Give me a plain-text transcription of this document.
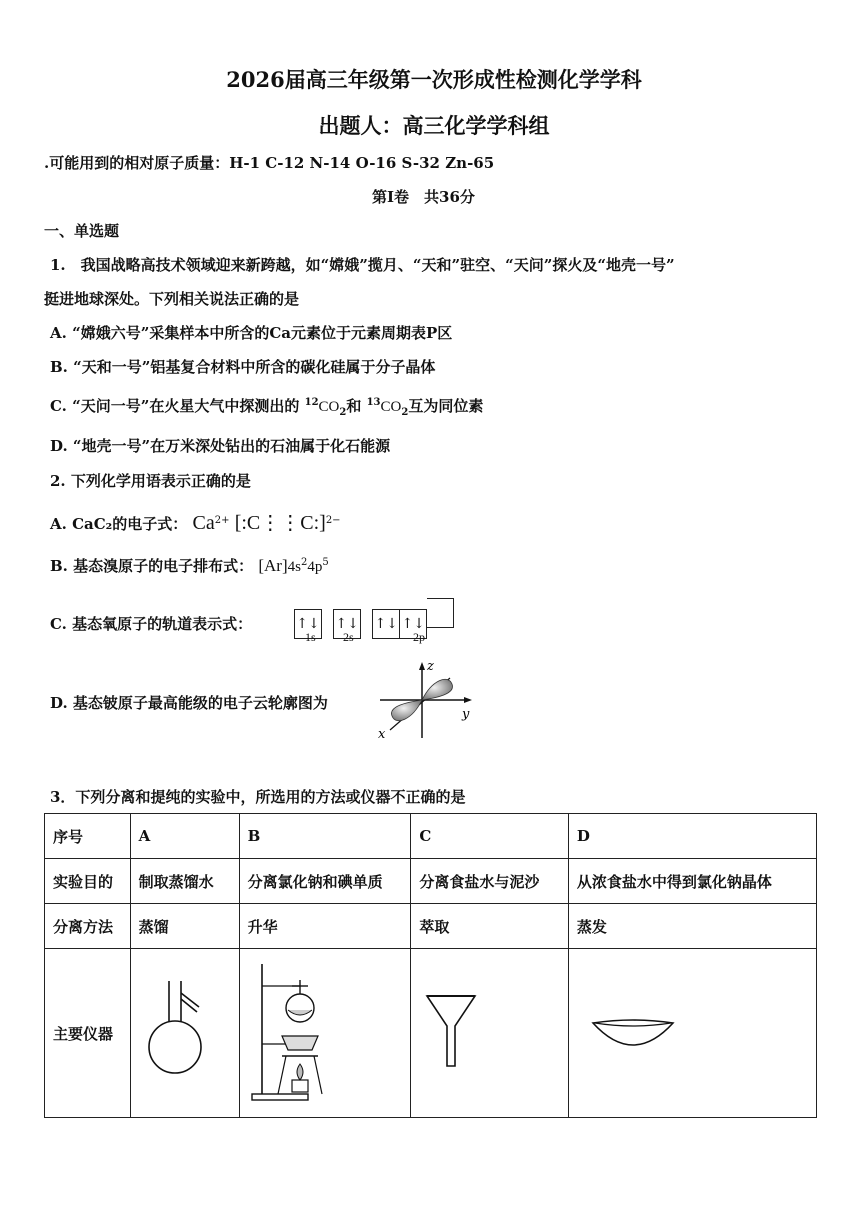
2026届高三年级第一次形成性检测化学学科
出题人：高三化学学科组
.可能用到的相对原子质量：H-1 C-12 N-14 O-16 S-32 Zn-65
第I卷　共36分
一、单选题
1.　我国战略高技术领域迎来新跨越，如“嫦娥”揽月、“天和”驻空、“天问”探火及“地壳一号”
挺进地球深处。下列相关说法正确的是
A. “嫦娥六号”采集样本中所含的Ca元素位于元素周期表P区
B. “天和一号”铝基复合材料中所含的碳化硅属于分子晶体
C. “天问一号”在火星大气中探测出的 $^{12}CO_2$和 $^{13}CO_2$互为同位素
D. “地壳一号”在万米深处钻出的石油属于化石能源
2. 下列化学用语表示正确的是
A. CaC₂的电子式： $Ca^{2+}$ [:C⋮⋮C:]$^{2-}$
B. 基态溴原子的电子排布式： $[Ar]4s^24p^5$
C. 基态氧原子的轨道表示式：	↑↓ ↑↓ ↑↓ ↑↓
1s 2s	2p
D. 基态铍原子最高能级的电子云轮廓图为
z
y
x
3．下列分离和提纯的实验中，所选用的方法或仪器不正确的是
序号	A	B	C	D
实验目的	制取蒸馏水	分离氯化钠和碘单质	分离食盐水与泥沙	从浓食盐水中得到氯化钠晶体
分离方法	蒸馏	升华	萃取	蒸发
主要仪器				
